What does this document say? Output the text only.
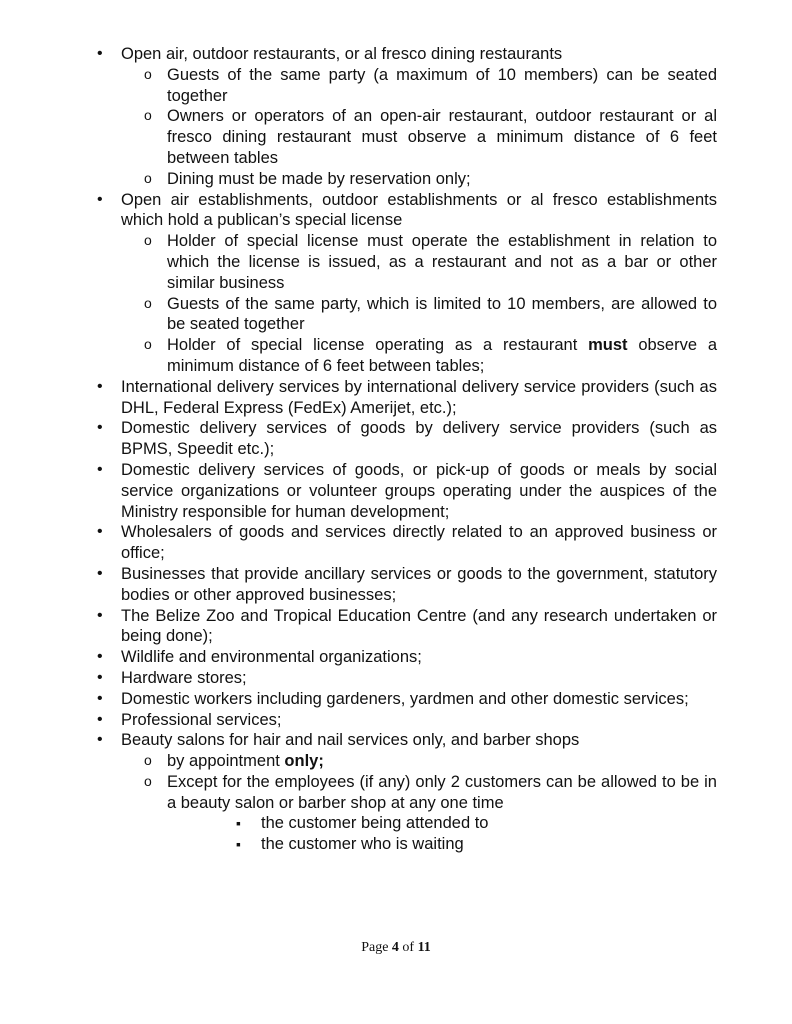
• Open air, outdoor restaurants, or al fresco dining restaurants
o Guests of the same party (a maximum of 10 members) can be seated together
o Owners or operators of an open-air restaurant, outdoor restaurant or al fresco dining restaurant must observe a minimum distance of 6 feet between tables
o Dining must be made by reservation only;
• Open air establishments, outdoor establishments or al fresco establishments which hold a publican’s special license
o Holder of special license must operate the establishment in relation to which the license is issued, as a restaurant and not as a bar or other similar business
o Guests of the same party, which is limited to 10 members, are allowed to be seated together
o Holder of special license operating as a restaurant must observe a minimum distance of 6 feet between tables;
• International delivery services by international delivery service providers (such as DHL, Federal Express (FedEx) Amerijet, etc.);
• Domestic delivery services of goods by delivery service providers (such as BPMS, Speedit etc.);
• Domestic delivery services of goods, or pick-up of goods or meals by social service organizations or volunteer groups operating under the auspices of the Ministry responsible for human development;
• Wholesalers of goods and services directly related to an approved business or office;
• Businesses that provide ancillary services or goods to the government, statutory bodies or other approved businesses;
• The Belize Zoo and Tropical Education Centre (and any research undertaken or being done);
• Wildlife and environmental organizations;
• Hardware stores;
• Domestic workers including gardeners, yardmen and other domestic services;
• Professional services;
• Beauty salons for hair and nail services only, and barber shops
o by appointment only;
o Except for the employees (if any) only 2 customers can be allowed to be in a beauty salon or barber shop at any one time
▪ the customer being attended to
▪ the customer who is waiting
Page 4 of 11
